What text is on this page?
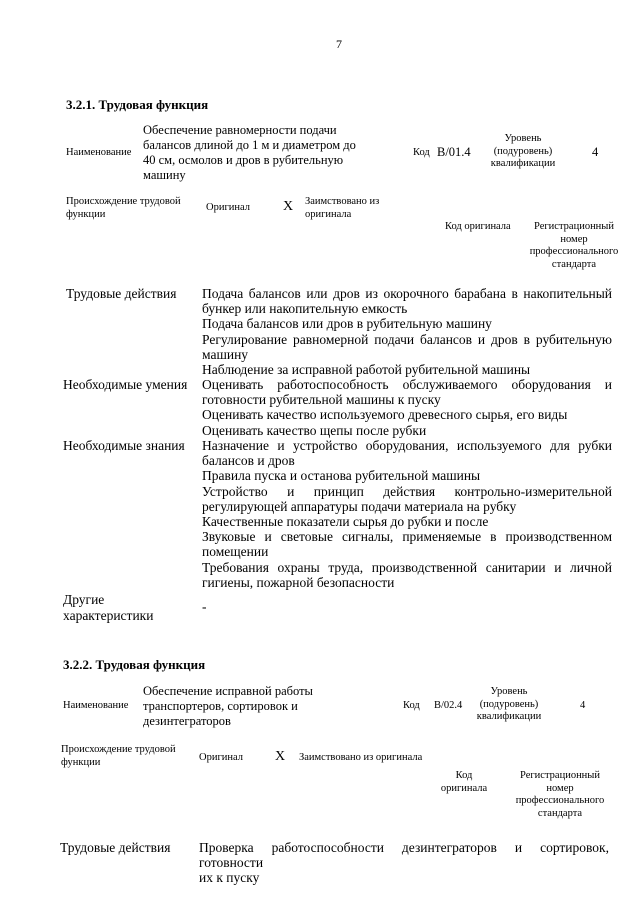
7
3.2.1. Трудовая функция
Наименование
Обеспечение равномерности подачи
балансов длиной до 1 м и диаметром до
40 см, осмолов и дров в рубительную
машину
Код B/01.4
Уровень
(подуровень)
квалификации
4
Происхождение трудовой
функции
Оригинал X Заимствовано из
оригинала
Код оригинала	Регистрационный
номер
профессионального
стандарта
Трудовые действия Подача балансов или дров из окорочного барабана в накопительный
бункер или накопительную емкость
Подача балансов или дров в рубительную машину
Регулирование равномерной подачи балансов и дров в рубительную
машину
Наблюдение за исправной работой рубительной машины
Необходимые умения Оценивать работоспособность обслуживаемого оборудования и
готовности рубительной машины к пуску
Оценивать качество используемого древесного сырья, его виды
Оценивать качество щепы после рубки
Необходимые знания Назначение и устройство оборудования, используемого для рубки
балансов и дров
Правила пуска и останова рубительной машины
Устройство и принцип действия контрольно-измерительной
регулирующей аппаратуры подачи материала на рубку
Качественные показатели сырья до рубки и после
Звуковые и световые сигналы, применяемые в производственном
помещении
Требования охраны труда, производственной санитарии и личной
гигиены, пожарной безопасности
Другие
характеристики
-
3.2.2. Трудовая функция
Наименование
Обеспечение исправной работы
транспортеров, сортировок и
дезинтеграторов
Код B/02.4
Уровень
(подуровень)
квалификации
4
Происхождение трудовой
функции	Оригинал X Заимствовано из оригинала
Код
оригинала
Регистрационный
номер
профессионального
стандарта
Трудовые действия Проверка работоспособности дезинтеграторов и сортировок, готовности
их к пуску
